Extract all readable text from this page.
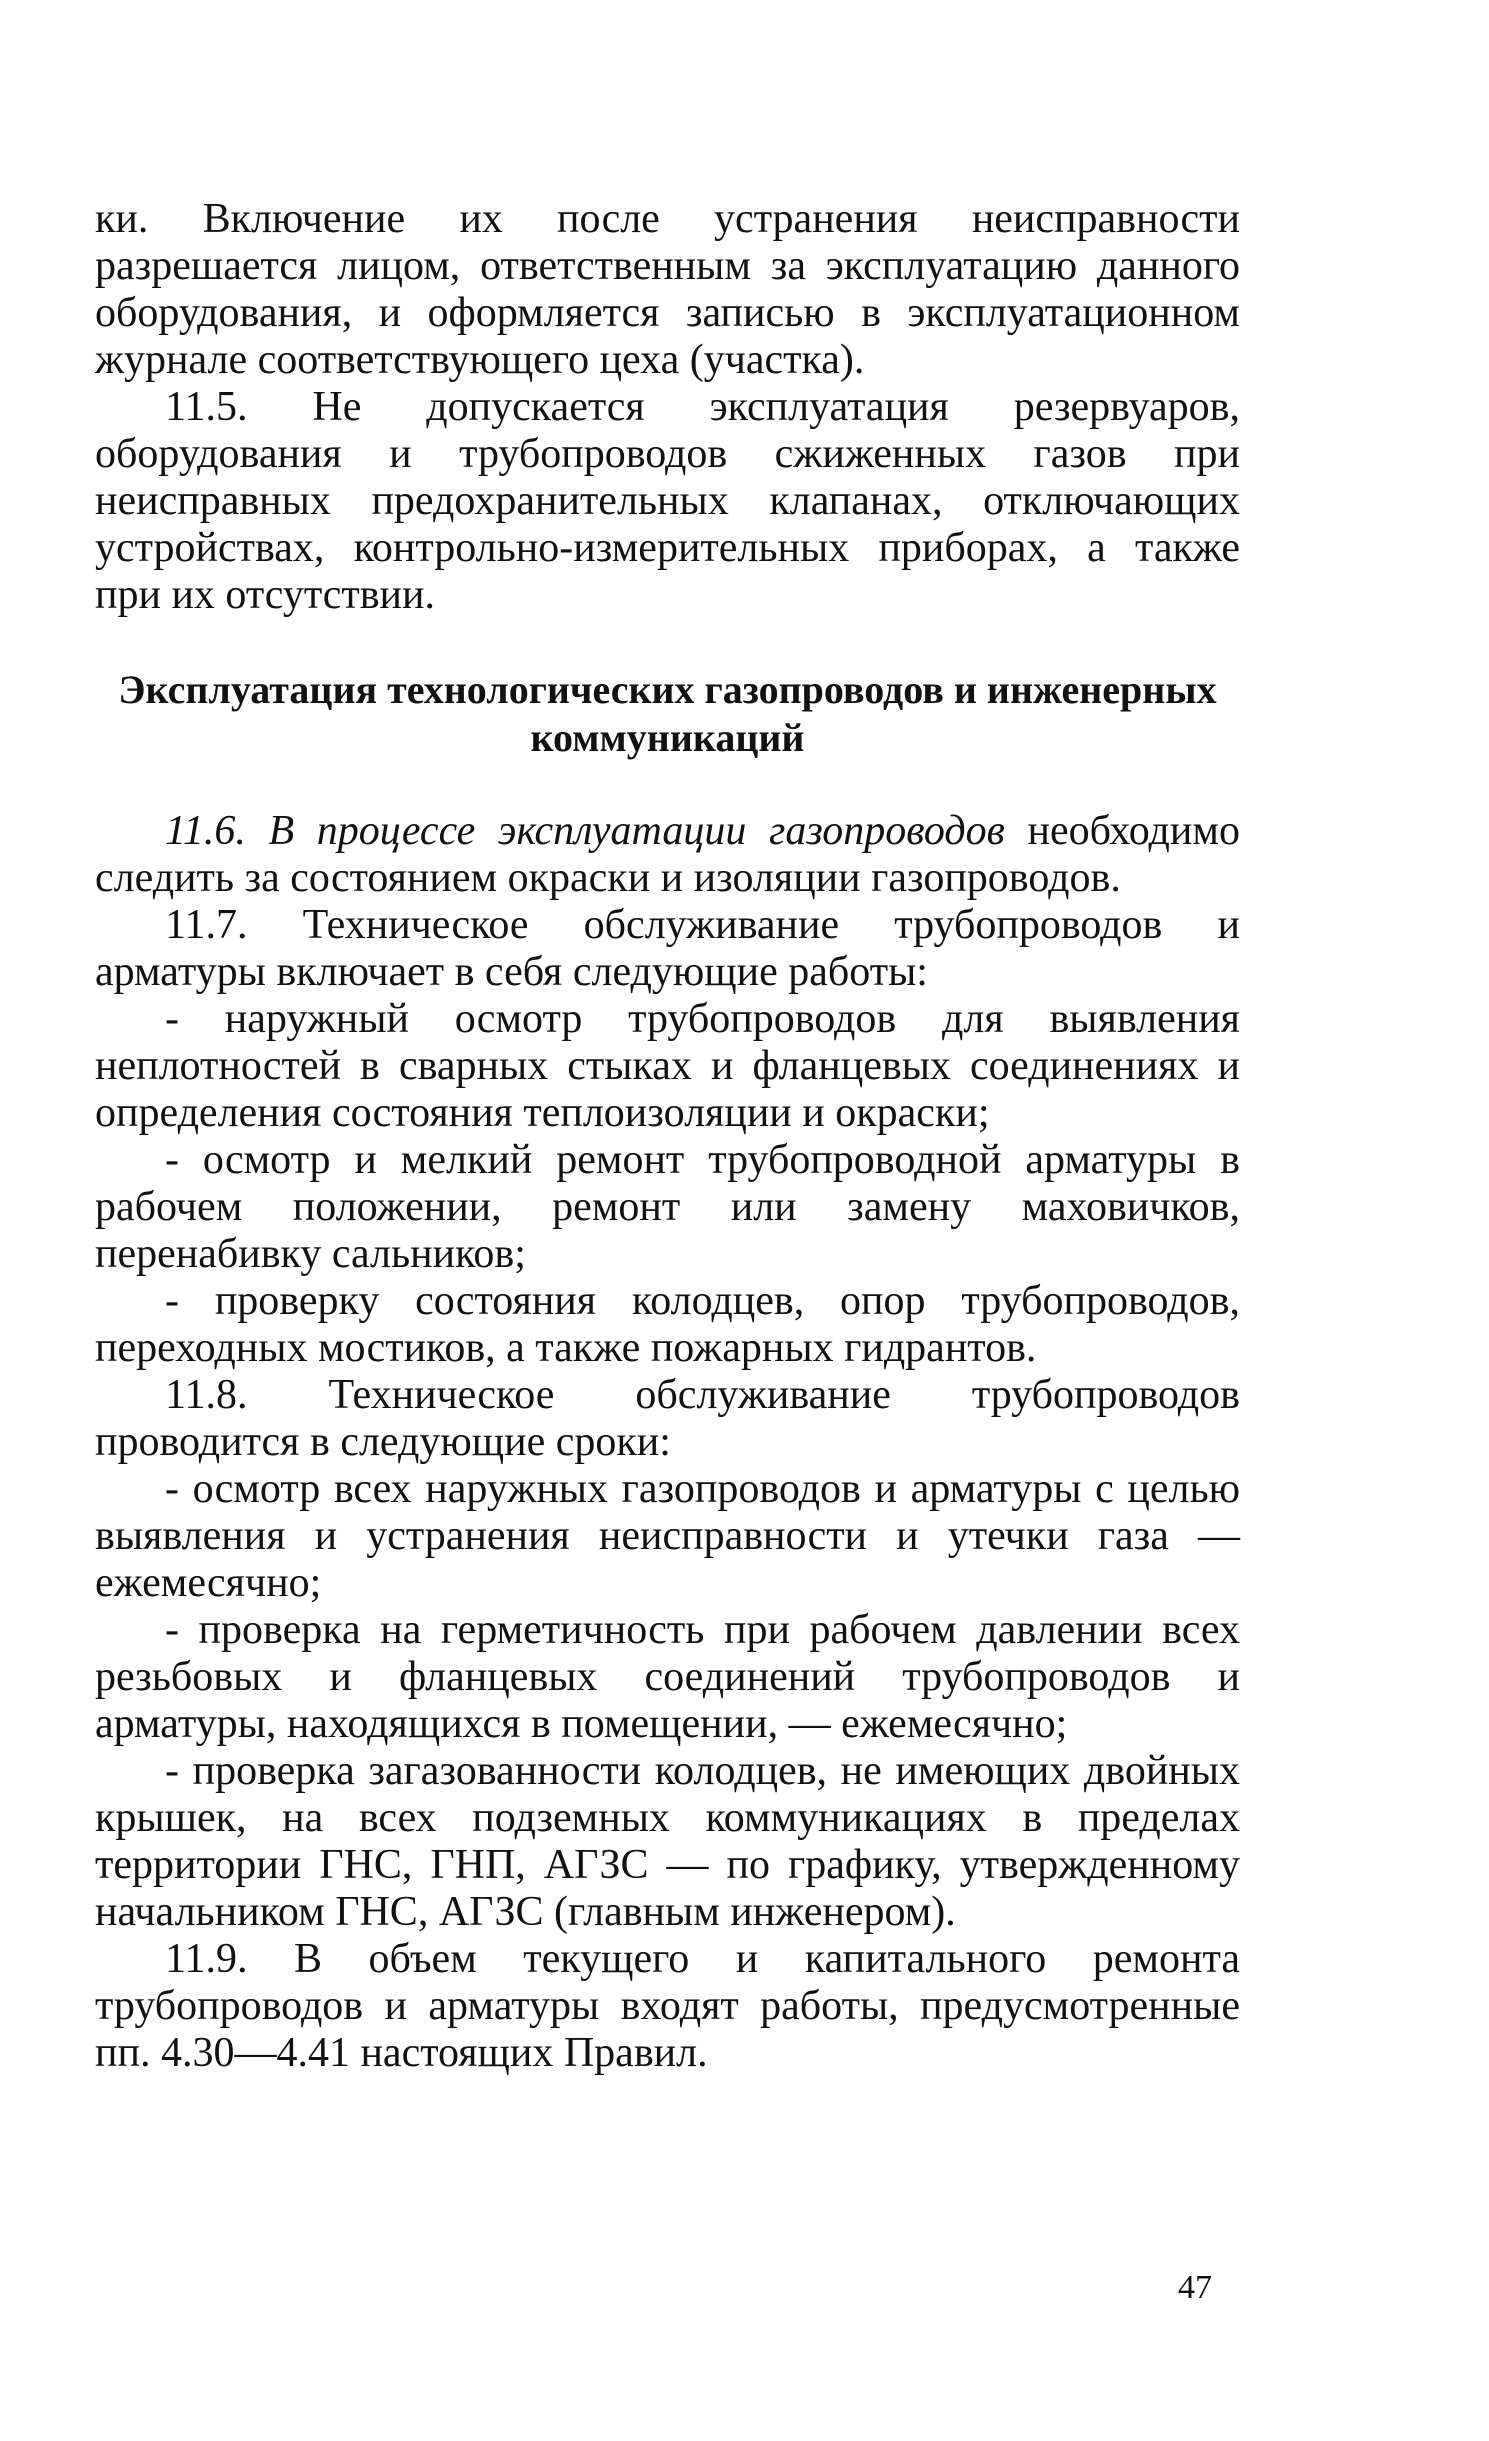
ки. Включение их после устранения неисправности разрешается лицом, ответственным за эксплуатацию данного оборудования, и оформляется записью в эксплуатационном журнале соответствующего цеха (участка).

11.5. Не допускается эксплуатация резервуаров, оборудования и трубопроводов сжиженных газов при неисправных предохранительных клапанах, отключающих устройствах, контрольно-измерительных приборах, а также при их отсутствии.

Эксплуатация технологических газопроводов и инженерных коммуникаций

11.6. В процессе эксплуатации газопроводов необходимо следить за состоянием окраски и изоляции газопроводов.

11.7. Техническое обслуживание трубопроводов и арматуры включает в себя следующие работы:

- наружный осмотр трубопроводов для выявления неплотностей в сварных стыках и фланцевых соединениях и определения состояния теплоизоляции и окраски;

- осмотр и мелкий ремонт трубопроводной арматуры в рабочем положении, ремонт или замену маховичков, перенабивку сальников;

- проверку состояния колодцев, опор трубопроводов, переходных мостиков, а также пожарных гидрантов.

11.8. Техническое обслуживание трубопроводов проводится в следующие сроки:

- осмотр всех наружных газопроводов и арматуры с целью выявления и устранения неисправности и утечки газа — ежемесячно;

- проверка на герметичность при рабочем давлении всех резьбовых и фланцевых соединений трубопроводов и арматуры, находящихся в помещении, — ежемесячно;

- проверка загазованности колодцев, не имеющих двойных крышек, на всех подземных коммуникациях в пределах территории ГНС, ГНП, АГЗС — по графику, утвержденному начальником ГНС, АГЗС (главным инженером).

11.9. В объем текущего и капитального ремонта трубопроводов и арматуры входят работы, предусмотренные пп. 4.30—4.41 настоящих Правил.

47
